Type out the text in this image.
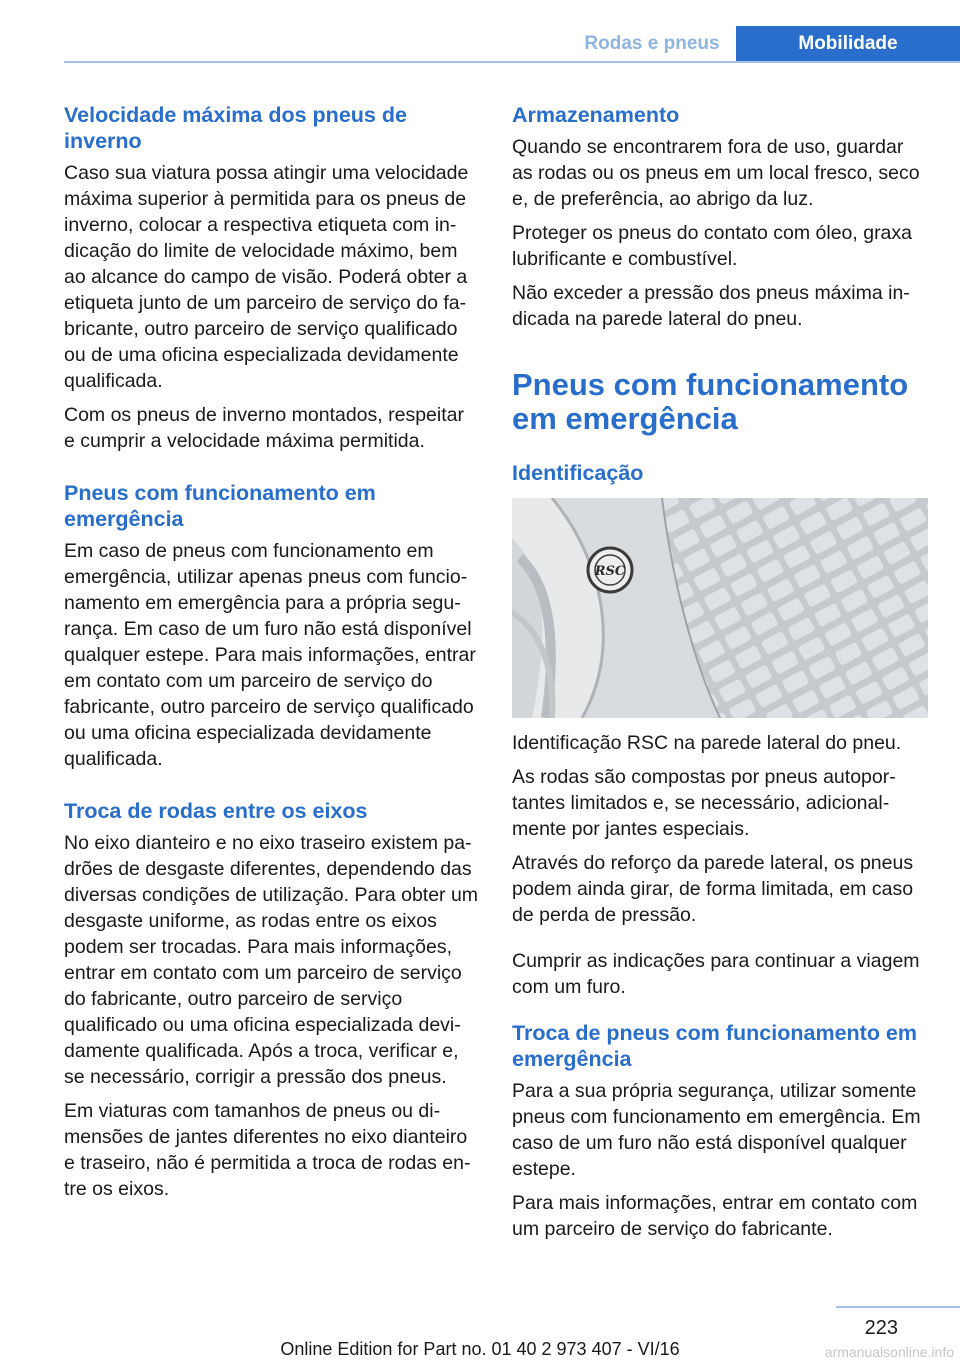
Rodas e pneus	Mobilidade
Velocidade máxima dos pneus de inverno

Caso sua viatura possa atingir uma velocidade máxima superior à permitida para os pneus de inverno, colocar a respectiva etiqueta com indicação do limite de velocidade máximo, bem ao alcance do campo de visão. Poderá obter a etiqueta junto de um parceiro de serviço do fabricante, outro parceiro de serviço qualificado ou de uma oficina especializada devidamente qualificada.

Com os pneus de inverno montados, respeitar e cumprir a velocidade máxima permitida.

Pneus com funcionamento em emergência

Em caso de pneus com funcionamento em emergência, utilizar apenas pneus com funcionamento em emergência para a própria segurança. Em caso de um furo não está disponível qualquer estepe. Para mais informações, entrar em contato com um parceiro de serviço do fabricante, outro parceiro de serviço qualificado ou uma oficina especializada devidamente qualificada.

Troca de rodas entre os eixos

No eixo dianteiro e no eixo traseiro existem padrões de desgaste diferentes, dependendo das diversas condições de utilização. Para obter um desgaste uniforme, as rodas entre os eixos podem ser trocadas. Para mais informações, entrar em contato com um parceiro de serviço do fabricante, outro parceiro de serviço qualificado ou uma oficina especializada devidamente qualificada. Após a troca, verificar e, se necessário, corrigir a pressão dos pneus.

Em viaturas com tamanhos de pneus ou dimensões de jantes diferentes no eixo dianteiro e traseiro, não é permitida a troca de rodas entre os eixos.

Armazenamento

Quando se encontrarem fora de uso, guardar as rodas ou os pneus em um local fresco, seco e, de preferência, ao abrigo da luz.

Proteger os pneus do contato com óleo, graxa lubrificante e combustível.

Não exceder a pressão dos pneus máxima indicada na parede lateral do pneu.

Pneus com funcionamento em emergência
Identificação
RSC

Identificação RSC na parede lateral do pneu.

As rodas são compostas por pneus autoportantes limitados e, se necessário, adicionalmente por jantes especiais.

Através do reforço da parede lateral, os pneus podem ainda girar, de forma limitada, em caso de perda de pressão.

Cumprir as indicações para continuar a viagem com um furo.

Troca de pneus com funcionamento em emergência

Para a sua própria segurança, utilizar somente pneus com funcionamento em emergência. Em caso de um furo não está disponível qualquer estepe.

Para mais informações, entrar em contato com um parceiro de serviço do fabricante.

223
Online Edition for Part no. 01 40 2 973 407 - VI/16	armanualsonline.info
